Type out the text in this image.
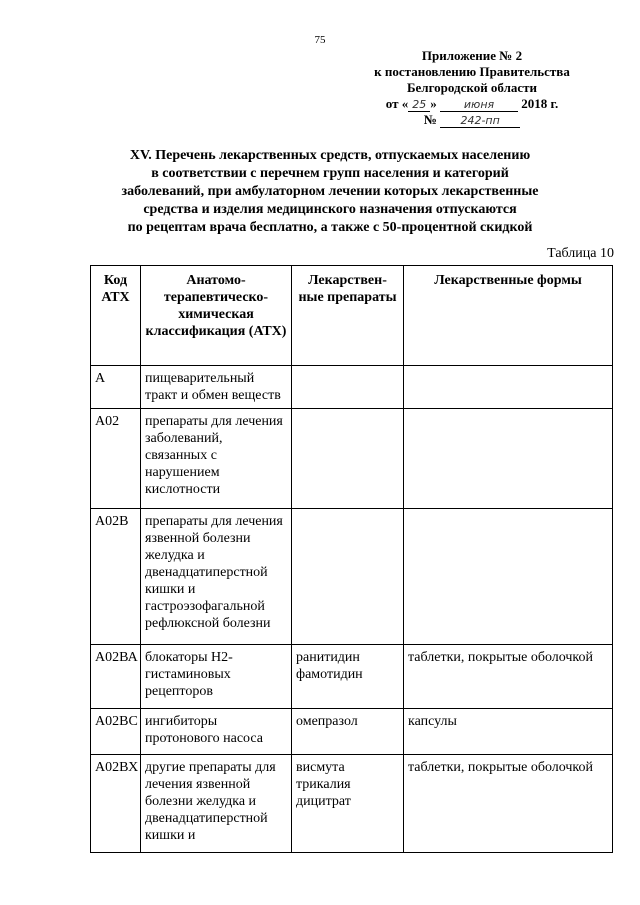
75
Приложение № 2
к постановлению Правительства
Белгородской области
от « 25 » июня 2018 г.
№ 242-пп
XV. Перечень лекарственных средств, отпускаемых населению
в соответствии с перечнем групп населения и категорий
заболеваний, при амбулаторном лечении которых лекарственные
средства и изделия медицинского назначения отпускаются
по рецептам врача бесплатно, а также с 50-процентной скидкой
Таблица 10
Код АТХ	Анатомо-терапевтическо-химическая классификация (АТХ)	Лекарствен-ные препараты	Лекарственные формы
А	пищеварительный тракт и обмен веществ		
А02	препараты для лечения заболеваний, связанных с нарушением кислотности		
А02В	препараты для лечения язвенной болезни желудка и двенадцатиперстной кишки и гастроэзофагальной рефлюксной болезни		
А02ВА	блокаторы Н2-гистаминовых рецепторов	ранитидин фамотидин	таблетки, покрытые оболочкой
А02ВС	ингибиторы протонового насоса	омепразол	капсулы
А02ВХ	другие препараты для лечения язвенной болезни желудка и двенадцатиперстной кишки и	висмута трикалия дицитрат	таблетки, покрытые оболочкой
